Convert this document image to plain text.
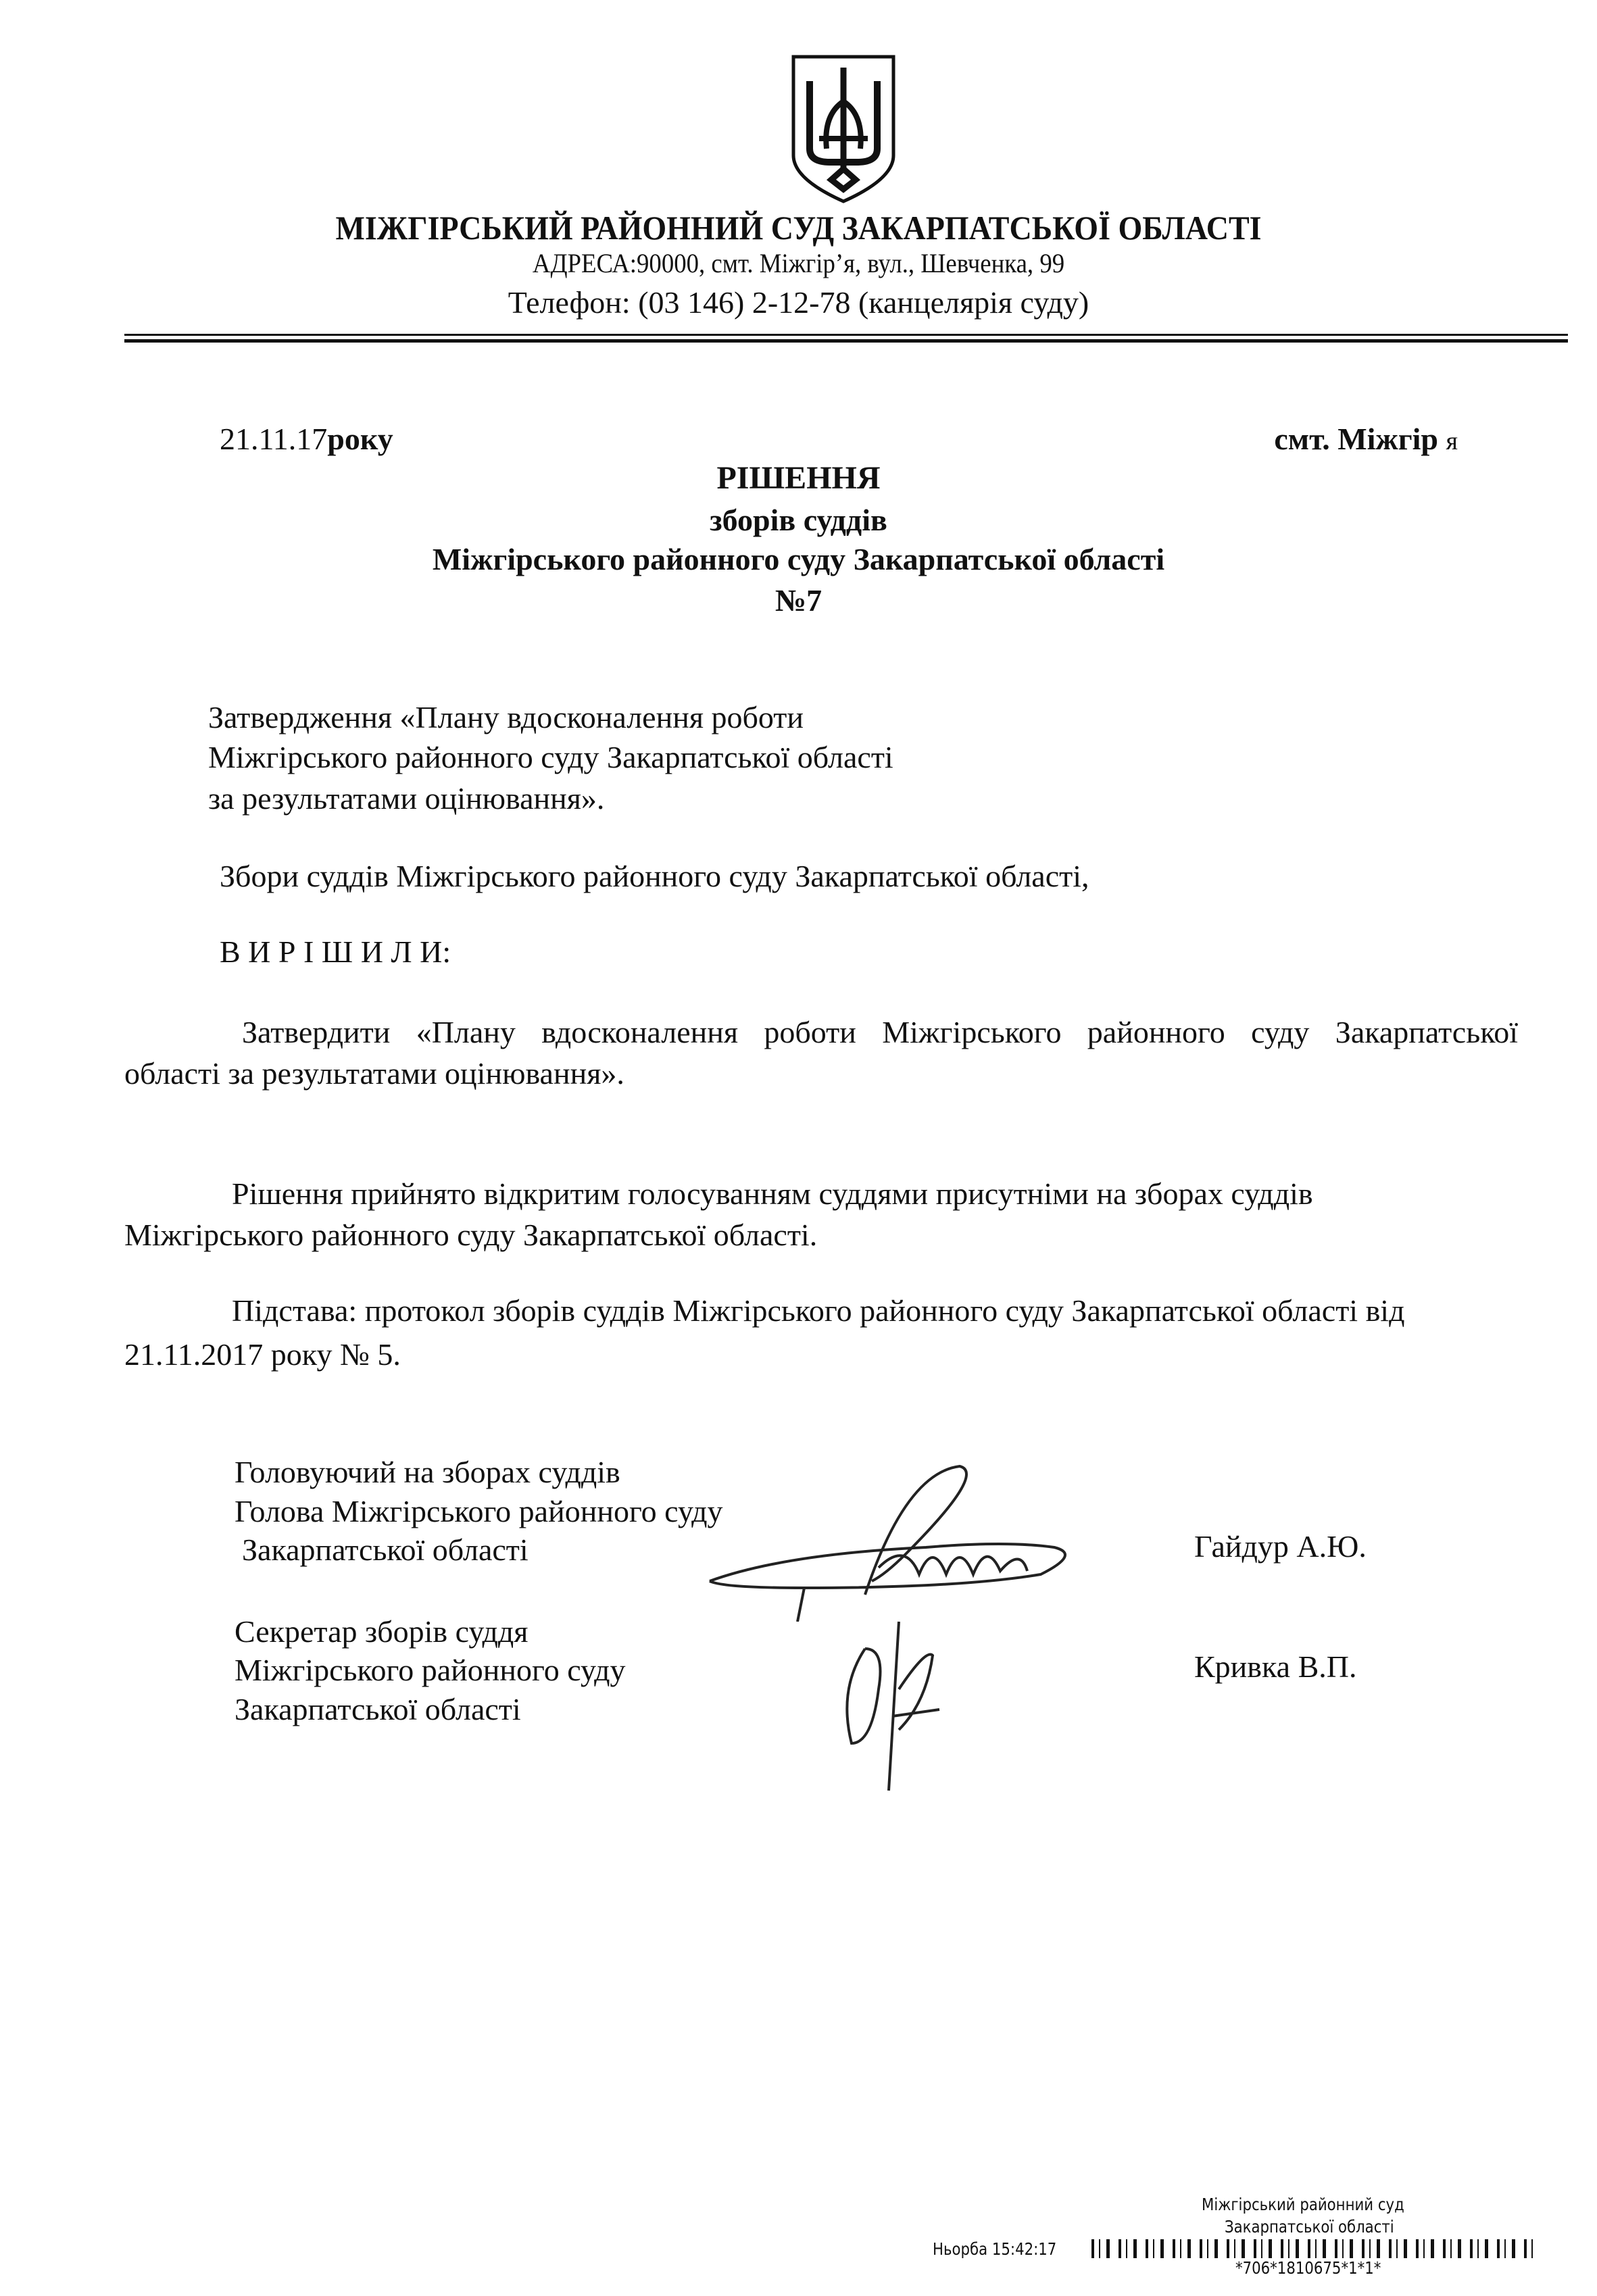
МІЖГІРСЬКИЙ РАЙОННИЙ СУД ЗАКАРПАТСЬКОЇ ОБЛАСТІ
АДРЕСА:90000, смт. Міжгір’я, вул., Шевченка, 99
Телефон: (03 146) 2-12-78 (канцелярія суду)
21.11.17року	смт. Міжгір я
РІШЕННЯ
зборів суддів
Міжгірського районного суду Закарпатської області
№7
Затвердження «Плану вдосконалення роботи
Міжгірського районного суду Закарпатської області
за результатами оцінювання».
Збори суддів Міжгірського районного суду Закарпатської області,
В И Р І Ш И Л И:
Затвердити «Плану вдосконалення роботи Міжгірського районного суду Закарпатської
області за результатами оцінювання».
Рішення прийнято відкритим голосуванням суддями присутніми на зборах суддів
Міжгірського районного суду Закарпатської області.
Підстава: протокол зборів суддів Міжгірського районного суду Закарпатської області від
21.11.2017 року № 5.
Головуючий на зборах суддів
Голова Міжгірського районного суду
Закарпатської області	Гайдур А.Ю.
Секретар зборів суддя
Міжгірського районного суду
Закарпатської області
Кривка В.П.
Міжгірський районний суд
Закарпатської області
Ньорба 15:42:17
*706*1810675*1*1*
